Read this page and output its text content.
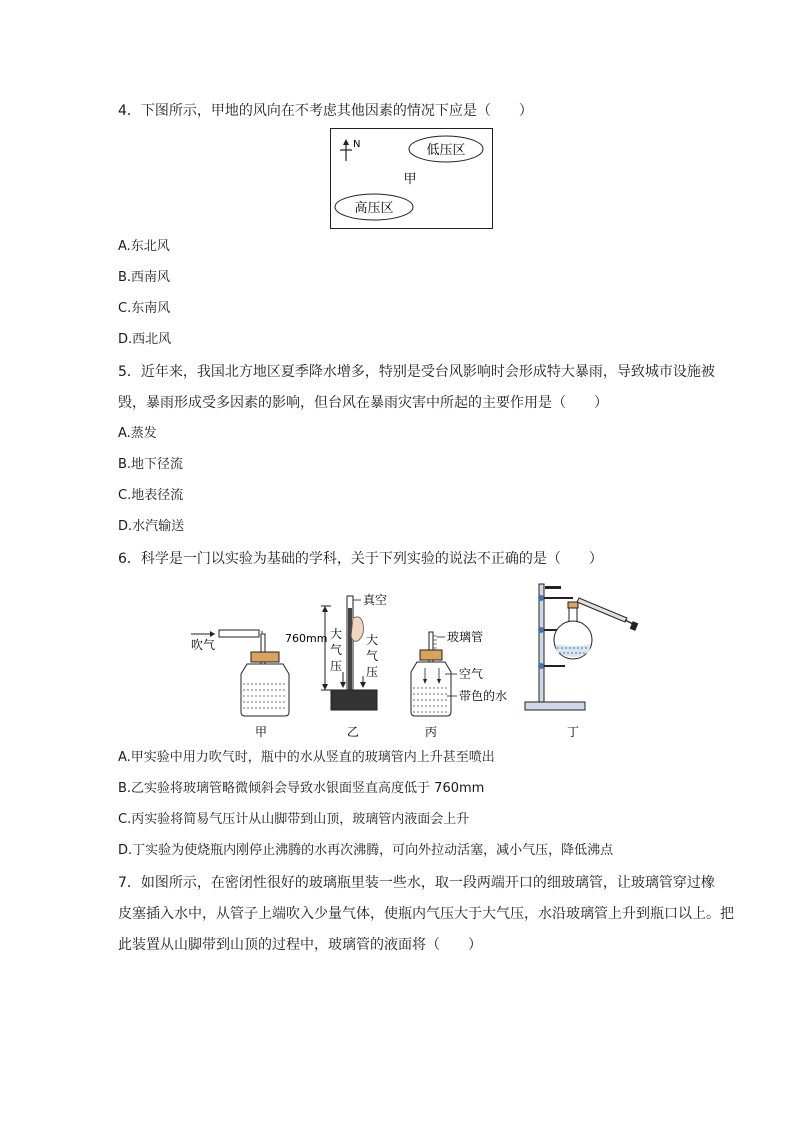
4．下图所示，甲地的风向在不考虑其他因素的情况下应是（　　）
N	低压区
甲
高压区
A.东北风
B.西南风
C.东南风
D.西北风
5．近年来，我国北方地区夏季降水增多，特别是受台风影响时会形成特大暴雨，导致城市设施被
毁，暴雨形成受多因素的影响，但台风在暴雨灾害中所起的主要作用是（　　）
A.蒸发
B.地下径流
C.地表径流
D.水汽输送
6．科学是一门以实验为基础的学科，关于下列实验的说法不正确的是（　　）
吹气
甲
760mm
真空
大
气
压
大
气
压
乙
玻璃管
空气
带色的水
丙	丁
A.甲实验中用力吹气时，瓶中的水从竖直的玻璃管内上升甚至喷出
B.乙实验将玻璃管略微倾斜会导致水银面竖直高度低于 760mm
C.丙实验将简易气压计从山脚带到山顶，玻璃管内液面会上升
D.丁实验为使烧瓶内刚停止沸腾的水再次沸腾，可向外拉动活塞，减小气压，降低沸点
7．如图所示，在密闭性很好的玻璃瓶里装一些水，取一段两端开口的细玻璃管，让玻璃管穿过橡
皮塞插入水中，从管子上端吹入少量气体，使瓶内气压大于大气压，水沿玻璃管上升到瓶口以上。把
此装置从山脚带到山顶的过程中，玻璃管的液面将（　　）
